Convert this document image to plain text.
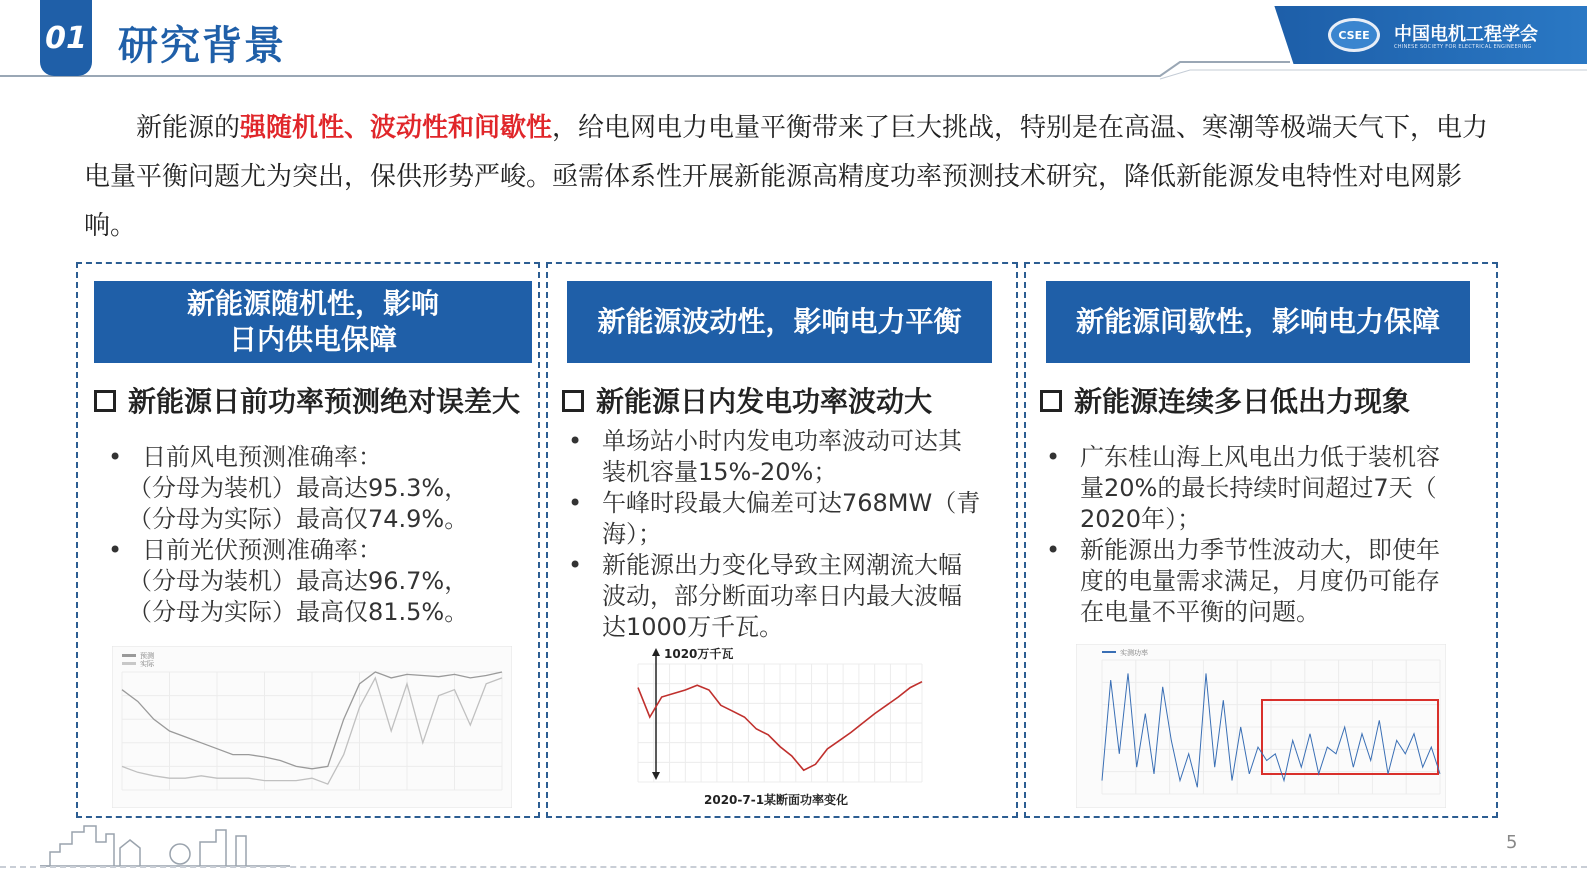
01 研究背景	CSEE	中国电机工程学会
CHINESE SOCIETY FOR ELECTRICAL ENGINEERING
新能源的强随机性、波动性和间歇性，给电网电力电量平衡带来了巨大挑战，特别是在高温、寒潮等极端天气下，电力电量平衡问题尤为突出，保供形势严峻。亟需体系性开展新能源高精度功率预测技术研究，降低新能源发电特性对电网影响。
新能源随机性，影响
日内供电保障
新能源日前功率预测绝对误差大
• 日前风电预测准确率：
（分母为装机）最高达95.3%，
（分母为实际）最高仅74.9%。
• 日前光伏预测准确率：
（分母为装机）最高达96.7%，
（分母为实际）最高仅81.5%。
预测
实际
新能源波动性，影响电力平衡
新能源日内发电功率波动大
• 单场站小时内发电功率波动可达其
装机容量15%-20%；
• 午峰时段最大偏差可达768MW（青
海）；
• 新能源出力变化导致主网潮流大幅
波动，部分断面功率日内最大波幅
达1000万千瓦。
1020万千瓦
2020-7-1某断面功率变化
新能源间歇性，影响电力保障
新能源连续多日低出力现象
• 广东桂山海上风电出力低于装机容
量20%的最长持续时间超过7天（
2020年）；
• 新能源出力季节性波动大，即使年
度的电量需求满足，月度仍可能存
在电量不平衡的问题。
实测功率
5
